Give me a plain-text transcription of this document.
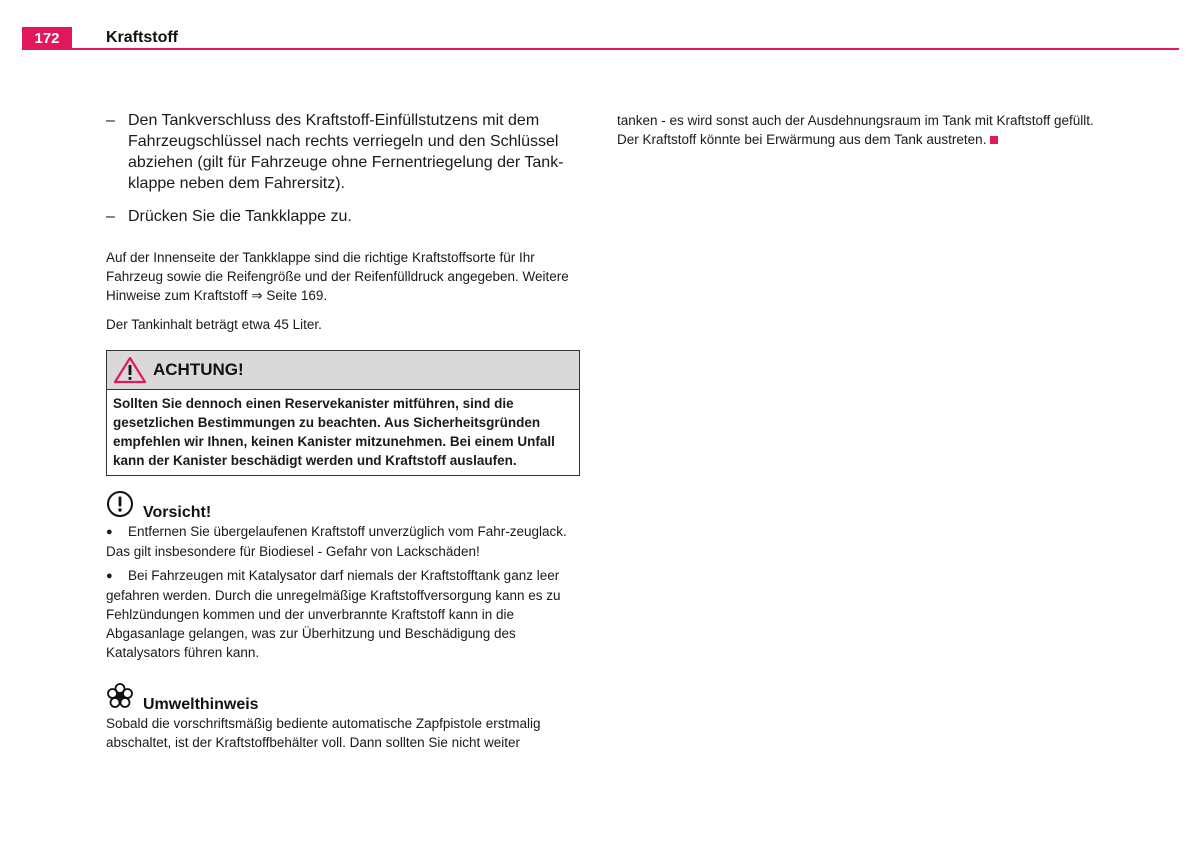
172	Kraftstoff
– Den Tankverschluss des Kraftstoff-Einfüllstutzens mit dem Fahrzeugschlüssel nach rechts verriegeln und den Schlüssel abziehen (gilt für Fahrzeuge ohne Fernentriegelung der Tank-klappe neben dem Fahrersitz).
– Drücken Sie die Tankklappe zu.

Auf der Innenseite der Tankklappe sind die richtige Kraftstoffsorte für Ihr Fahrzeug sowie die Reifengröße und der Reifenfülldruck angegeben. Weitere Hinweise zum Kraftstoff ⇒ Seite 169.

Der Tankinhalt beträgt etwa 45 Liter.

ACHTUNG!
Sollten Sie dennoch einen Reservekanister mitführen, sind die gesetzlichen Bestimmungen zu beachten. Aus Sicherheitsgründen empfehlen wir Ihnen, keinen Kanister mitzunehmen. Bei einem Unfall kann der Kanister beschädigt werden und Kraftstoff auslaufen.
Vorsicht!

● Entfernen Sie übergelaufenen Kraftstoff unverzüglich vom Fahr-zeuglack. Das gilt insbesondere für Biodiesel - Gefahr von Lackschäden!

● Bei Fahrzeugen mit Katalysator darf niemals der Kraftstofftank ganz leer gefahren werden. Durch die unregelmäßige Kraftstoffversorgung kann es zu Fehlzündungen kommen und der unverbrannte Kraftstoff kann in die Abgasanlage gelangen, was zur Überhitzung und Beschädigung des Katalysators führen kann.

Umwelthinweis

Sobald die vorschriftsmäßig bediente automatische Zapfpistole erstmalig abschaltet, ist der Kraftstoffbehälter voll. Dann sollten Sie nicht weiter

tanken - es wird sonst auch der Ausdehnungsraum im Tank mit Kraftstoff gefüllt. Der Kraftstoff könnte bei Erwärmung aus dem Tank austreten.
